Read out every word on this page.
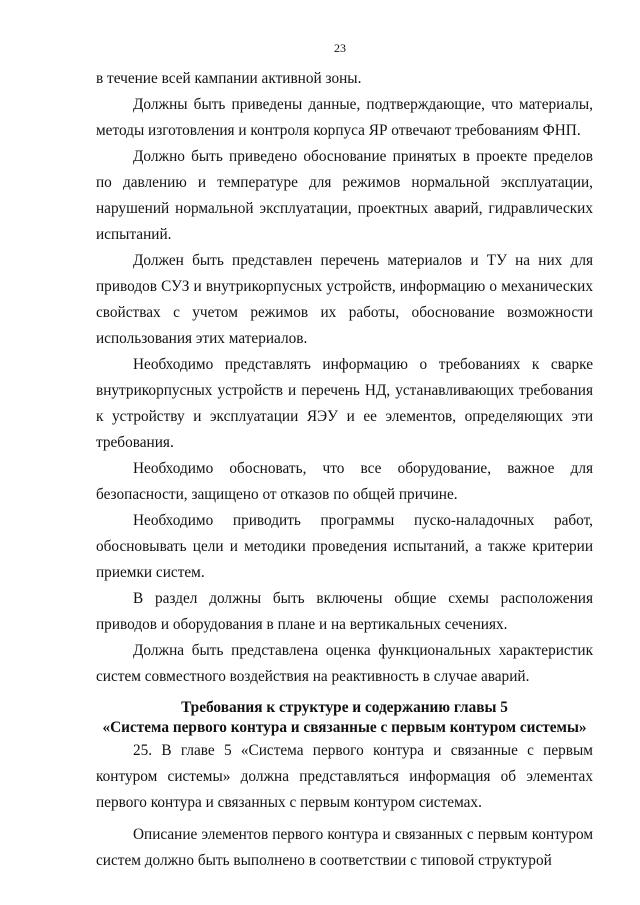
23

в течение всей кампании активной зоны.

Должны быть приведены данные, подтверждающие, что материалы, методы изготовления и контроля корпуса ЯР отвечают требованиям ФНП.

Должно быть приведено обоснование принятых в проекте пределов по давлению и температуре для режимов нормальной эксплуатации, нарушений нормальной эксплуатации, проектных аварий, гидравлических испытаний.

Должен быть представлен перечень материалов и ТУ на них для приводов СУЗ и внутрикорпусных устройств, информацию о механических свойствах с учетом режимов их работы, обоснование возможности использования этих материалов.

Необходимо представлять информацию о требованиях к сварке внутрикорпусных устройств и перечень НД, устанавливающих требования к устройству и эксплуатации ЯЭУ и ее элементов, определяющих эти требования.

Необходимо обосновать, что все оборудование, важное для безопасности, защищено от отказов по общей причине.

Необходимо приводить программы пуско-наладочных работ, обосновывать цели и методики проведения испытаний, а также критерии приемки систем.

В раздел должны быть включены общие схемы расположения приводов и оборудования в плане и на вертикальных сечениях.

Должна быть представлена оценка функциональных характеристик систем совместного воздействия на реактивность в случае аварий.

Требования к структуре и содержанию главы 5
«Система первого контура и связанные с первым контуром системы»

25. В главе 5 «Система первого контура и связанные с первым контуром системы» должна представляться информация об элементах первого контура и связанных с первым контуром системах.

Описание элементов первого контура и связанных с первым контуром систем должно быть выполнено в соответствии с типовой структурой
